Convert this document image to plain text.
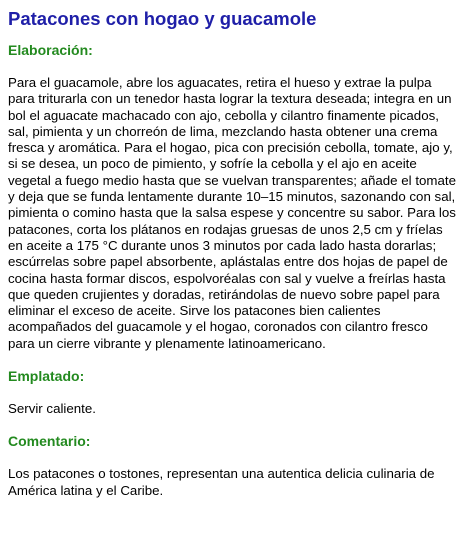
Patacones con hogao y guacamole
Elaboración:

Para el guacamole, abre los aguacates, retira el hueso y extrae la pulpa para triturarla con un tenedor hasta lograr la textura deseada; integra en un bol el aguacate machacado con ajo, cebolla y cilantro finamente picados, sal, pimienta y un chorreón de lima, mezclando hasta obtener una crema fresca y aromática. Para el hogao, pica con precisión cebolla, tomate, ajo y, si se desea, un poco de pimiento, y sofríe la cebolla y el ajo en aceite vegetal a fuego medio hasta que se vuelvan transparentes; añade el tomate y deja que se funda lentamente durante 10–15 minutos, sazonando con sal, pimienta o comino hasta que la salsa espese y concentre su sabor. Para los patacones, corta los plátanos en rodajas gruesas de unos 2,5 cm y fríelas en aceite a 175 °C durante unos 3 minutos por cada lado hasta dorarlas; escúrrelas sobre papel absorbente, aplástalas entre dos hojas de papel de cocina hasta formar discos, espolvoréalas con sal y vuelve a freírlas hasta que queden crujientes y doradas, retirándolas de nuevo sobre papel para eliminar el exceso de aceite. Sirve los patacones bien calientes acompañados del guacamole y el hogao, coronados con cilantro fresco para un cierre vibrante y plenamente latinoamericano.

Emplatado:

Servir caliente.

Comentario:

Los patacones o tostones, representan una autentica delicia culinaria de América latina y el Caribe.
